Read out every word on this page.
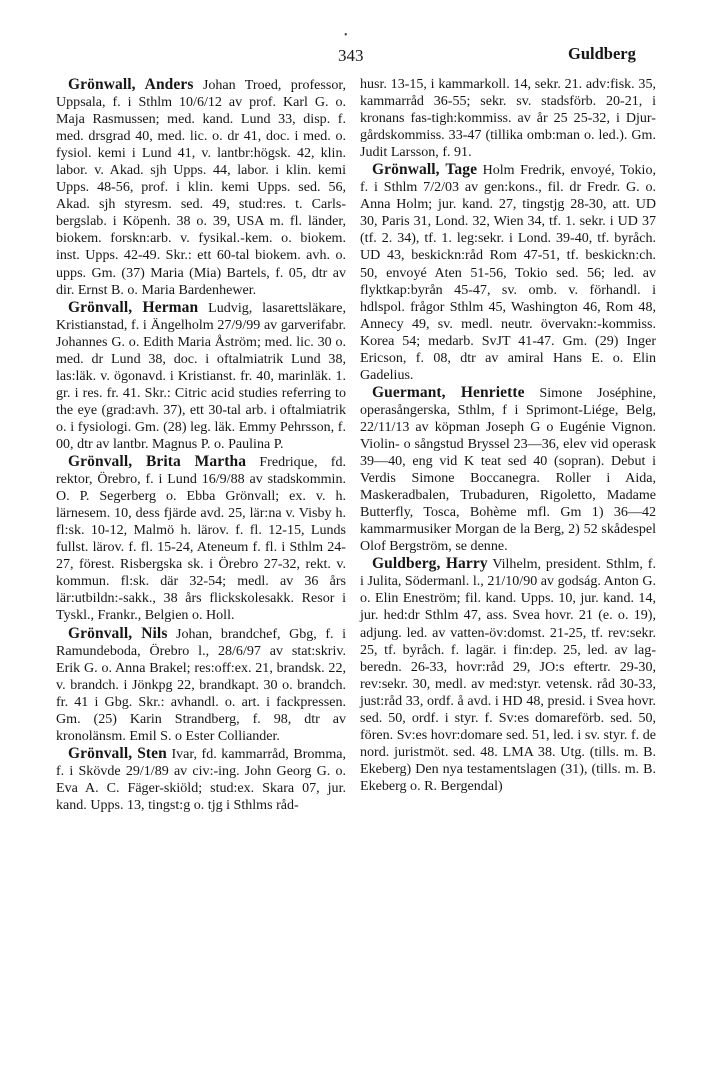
•
343	Guldberg

Grönwall, Anders Johan Troed, professor, Uppsala, f. i Sthlm 10/6/12 av prof. Karl G. o. Maja Rasmussen; med. kand. Lund 33, disp. f. med. drsgrad 40, med. lic. o. dr 41, doc. i med. o. fysiol. kemi i Lund 41, v. lantbr:högsk. 42, klin. labor. v. Akad. sjh Upps. 44, labor. i klin. kemi Upps. 48-56, prof. i klin. kemi Upps. sed. 56, Akad. sjh styresm. sed. 49, stud:res. t. Carls-bergslab. i Köpenh. 38 o. 39, USA m. fl. länder, biokem. forskn:arb. v. fysikal.-kem. o. biokem. inst. Upps. 42-49. Skr.: ett 60-tal biokem. avh. o. upps. Gm. (37) Maria (Mia) Bartels, f. 05, dtr av dir. Ernst B. o. Maria Bardenhewer.

Grönvall, Herman Ludvig, lasarettsläkare, Kristianstad, f. i Ängelholm 27/9/99 av garverifabr. Johannes G. o. Edith Maria Åström; med. lic. 30 o. med. dr Lund 38, doc. i oftalmiatrik Lund 38, las:läk. v. ögonavd. i Kristianst. fr. 40, marinläk. 1. gr. i res. fr. 41. Skr.: Citric acid studies referring to the eye (grad:avh. 37), ett 30-tal arb. i oftalmiatrik o. i fysiologi. Gm. (28) leg. läk. Emmy Pehrsson, f. 00, dtr av lantbr. Magnus P. o. Paulina P.

Grönvall, Brita Martha Fredrique, fd. rektor, Örebro, f. i Lund 16/9/88 av stadskommin. O. P. Segerberg o. Ebba Grönvall; ex. v. h. lärnesem. 10, dess fjärde avd. 25, lär:na v. Visby h. fl:sk. 10-12, Malmö h. lärov. f. fl. 12-15, Lunds fullst. lärov. f. fl. 15-24, Ateneum f. fl. i Sthlm 24-27, förest. Risbergska sk. i Örebro 27-32, rekt. v. kommun. fl:sk. där 32-54; medl. av 36 års lär:utbildn:-sakk., 38 års flickskolesakk. Resor i Tyskl., Frankr., Belgien o. Holl.

Grönvall, Nils Johan, brandchef, Gbg, f. i Ramundeboda, Örebro l., 28/6/97 av stat:skriv. Erik G. o. Anna Brakel; res:off:ex. 21, brandsk. 22, v. brandch. i Jönkpg 22, brandkapt. 30 o. brandch. fr. 41 i Gbg. Skr.: avhandl. o. art. i fackpressen. Gm. (25) Karin Strandberg, f. 98, dtr av kronolänsm. Emil S. o Ester Colliander.

Grönvall, Sten Ivar, fd. kammarråd, Bromma, f. i Skövde 29/1/89 av civ:-ing. John Georg G. o. Eva A. C. Fäger-skiöld; stud:ex. Skara 07, jur. kand. Upps. 13, tingst:g o. tjg i Sthlms råd-

husr. 13-15, i kammarkoll. 14, sekr. 21. adv:fisk. 35, kammarråd 36-55; sekr. sv. stadsförb. 20-21, i kronans fas-tigh:kommiss. av år 25 25-32, i Djur-gårdskommiss. 33-47 (tillika omb:man o. led.). Gm. Judit Larsson, f. 91.

Grönwall, Tage Holm Fredrik, envoyé, Tokio, f. i Sthlm 7/2/03 av gen:kons., fil. dr Fredr. G. o. Anna Holm; jur. kand. 27, tingstjg 28-30, att. UD 30, Paris 31, Lond. 32, Wien 34, tf. 1. sekr. i UD 37 (tf. 2. 34), tf. 1. leg:sekr. i Lond. 39-40, tf. byråch. UD 43, beskickn:råd Rom 47-51, tf. beskickn:ch. 50, envoyé Aten 51-56, Tokio sed. 56; led. av flyktkap:byrån 45-47, sv. omb. v. förhandl. i hdlspol. frågor Sthlm 45, Washington 46, Rom 48, Annecy 49, sv. medl. neutr. övervakn:-kommiss. Korea 54; medarb. SvJT 41-47. Gm. (29) Inger Ericson, f. 08, dtr av amiral Hans E. o. Elin Gadelius.

Guermant, Henriette Simone Joséphine, operasångerska, Sthlm, f i Sprimont-Liége, Belg, 22/11/13 av köpman Joseph G o Eugénie Vignon. Violin- o sångstud Bryssel 23—36, elev vid operask 39—40, eng vid K teat sed 40 (sopran). Debut i Verdis Simone Boccanegra. Roller i Aida, Maskeradbalen, Trubaduren, Rigoletto, Madame Butterfly, Tosca, Bohème mfl. Gm 1) 36—42 kammarmusiker Morgan de la Berg, 2) 52 skådespel Olof Bergström, se denne.

Guldberg, Harry Vilhelm, president. Sthlm, f. i Julita, Södermanl. l., 21/10/90 av godság. Anton G. o. Elin Eneström; fil. kand. Upps. 10, jur. kand. 14, jur. hed:dr Sthlm 47, ass. Svea hovr. 21 (e. o. 19), adjung. led. av vatten-öv:domst. 21-25, tf. rev:sekr. 25, tf. byråch. f. lagär. i fin:dep. 25, led. av lag-beredn. 26-33, hovr:råd 29, JO:s eftertr. 29-30, rev:sekr. 30, medl. av med:styr. vetensk. råd 30-33, just:råd 33, ordf. å avd. i HD 48, presid. i Svea hovr. sed. 50, ordf. i styr. f. Sv:es domareförb. sed. 50, fören. Sv:es hovr:domare sed. 51, led. i sv. styr. f. de nord. juristmöt. sed. 48. LMA 38. Utg. (tills. m. B. Ekeberg) Den nya testamentslagen (31), (tills. m. B. Ekeberg o. R. Bergendal)
